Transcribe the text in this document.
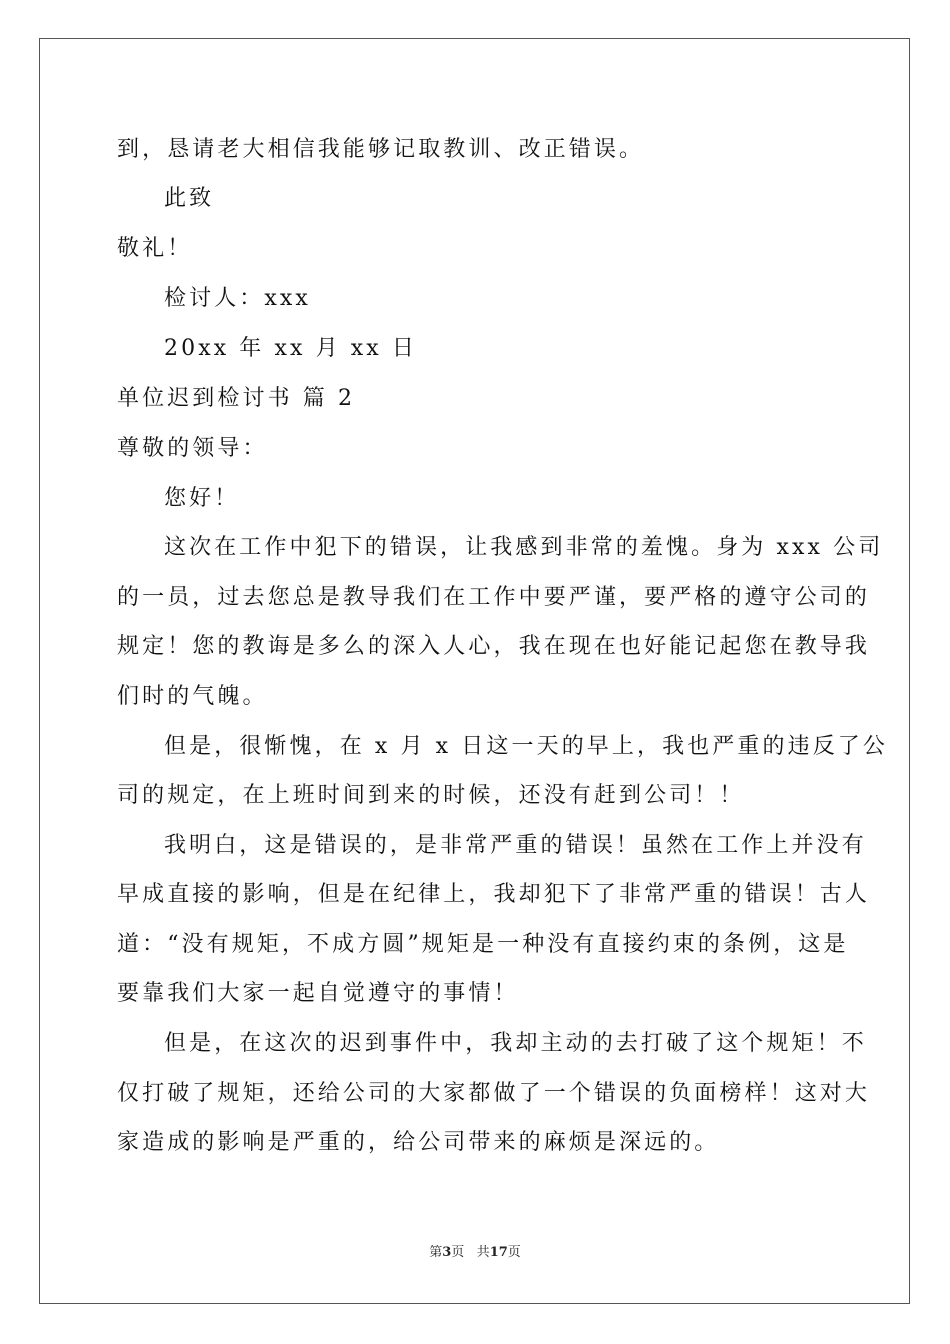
到，恳请老大相信我能够记取教训、改正错误。
此致
敬礼！
检讨人：xxx
20xx 年 xx 月 xx 日
单位迟到检讨书 篇 2
尊敬的领导：
您好！
这次在工作中犯下的错误，让我感到非常的羞愧。身为 xxx 公司
的一员，过去您总是教导我们在工作中要严谨，要严格的遵守公司的
规定！您的教诲是多么的深入人心，我在现在也好能记起您在教导我
们时的气魄。
但是，很惭愧，在 x 月 x 日这一天的早上，我也严重的违反了公
司的规定，在上班时间到来的时候，还没有赶到公司！！
我明白，这是错误的，是非常严重的错误！虽然在工作上并没有
早成直接的影响，但是在纪律上，我却犯下了非常严重的错误！古人
道：“没有规矩，不成方圆”规矩是一种没有直接约束的条例，这是
要靠我们大家一起自觉遵守的事情！
但是，在这次的迟到事件中，我却主动的去打破了这个规矩！不
仅打破了规矩，还给公司的大家都做了一个错误的负面榜样！这对大
家造成的影响是严重的，给公司带来的麻烦是深远的。
第3页 共17页
